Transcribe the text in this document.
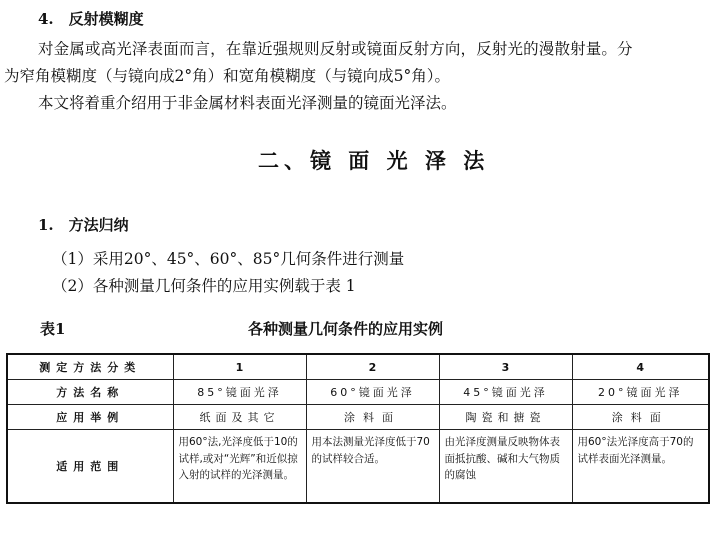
4.　反射模糊度
对金属或高光泽表面而言，在靠近强规则反射或镜面反射方向，反射光的漫散射量。分
为窄角模糊度（与镜向成2°角）和宽角模糊度（与镜向成5°角）。
本文将着重介绍用于非金属材料表面光泽测量的镜面光泽法。
二、镜 面 光 泽 法
1.　方法归纳
（1）采用20°、45°、60°、85°几何条件进行测量
（2）各种测量几何条件的应用实例载于表 1
表1	各种测量几何条件的应用实例
测定方法分类	1	2	3	4
方法名称	85°镜面光泽	60°镜面光泽	45°镜面光泽	20°镜面光泽
应用举例	纸面及其它	涂料面	陶瓷和搪瓷	涂料面
适用范围	用60°法,光泽度低于10的试样,或对“光辉”和近似掠入射的试样的光泽测量。	用本法测量光泽度低于70的试样较合适。	由光泽度测量反映物体表面抵抗酸、碱和大气物质的腐蚀	用60°法光泽度高于70的试样表面光泽测量。
